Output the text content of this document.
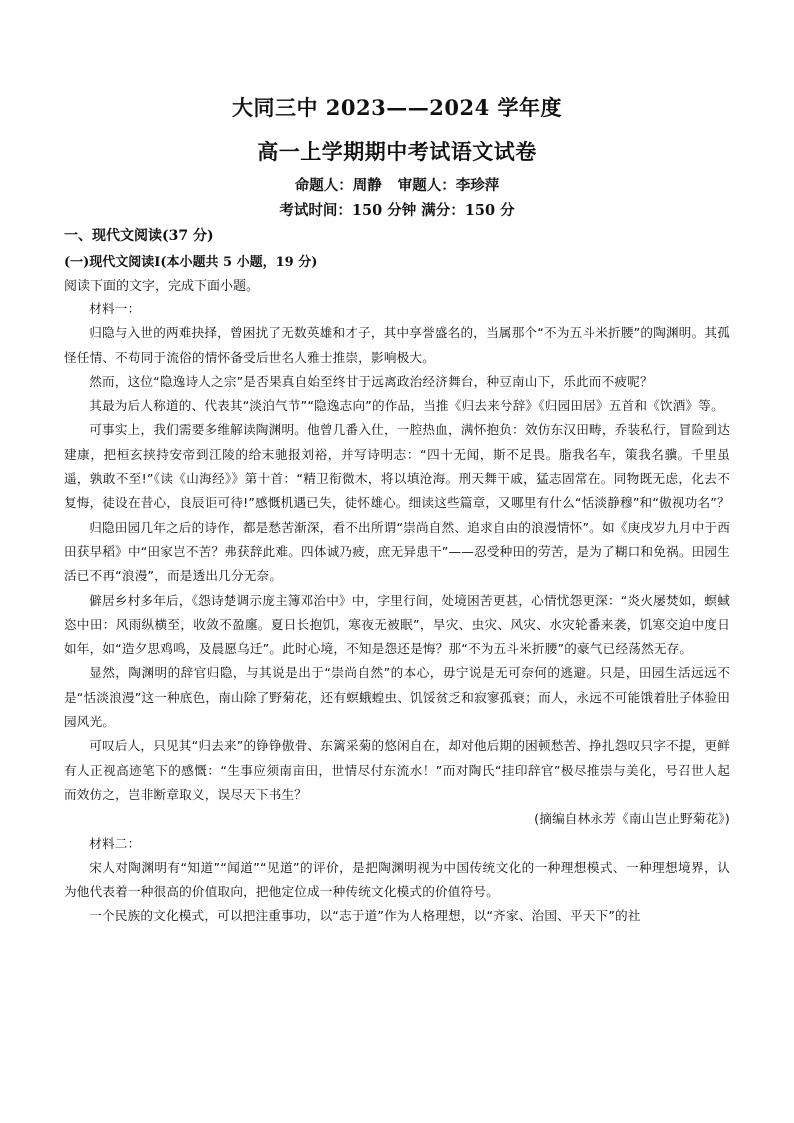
大同三中 2023——2024 学年度
高一上学期期中考试语文试卷
命题人：周静 审题人：李珍萍
考试时间：150 分钟 满分：150 分
一、现代文阅读(37 分)
(一)现代文阅读Ⅰ(本小题共 5 小题，19 分)
阅读下面的文字，完成下面小题。

材料一：

归隐与入世的两难抉择，曾困扰了无数英雄和才子，其中享誉盛名的，当属那个“不为五斗米折腰”的陶渊明。其孤怪任情、不苟同于流俗的情怀备受后世名人雅士推崇，影响极大。

然而，这位“隐逸诗人之宗”是否果真自始至终甘于远离政治经济舞台，种豆南山下，乐此而不疲呢？

其最为后人称道的、代表其“淡泊气节”“隐逸志向”的作品，当推《归去来兮辞》《归园田居》五首和《饮酒》等。

可事实上，我们需要多维解读陶渊明。他曾几番入仕，一腔热血，满怀抱负：效仿东汉田畴，乔装私行，冒险到达建康，把桓玄挟持安帝到江陵的给末驰报刘裕，并写诗明志：“四十无闻，斯不足畏。脂我名车，策我名骥。千里虽遥，孰敢不至!”《读《山海经》》第十首：“精卫衔微木，将以填沧海。刑天舞干戚，猛志固常在。同物既无虑，化去不复悔，徒设在昔心，良辰讵可待!”感慨机遇已失，徒怀雄心。细读这些篇章，又哪里有什么“恬淡静穆”和“傲视功名”？

归隐田园几年之后的诗作，都是愁苦渐深，看不出所谓“崇尚自然、追求自由的浪漫情怀”。如《庚戌岁九月中于西田获早稻》中“田家岂不苦？弗获辞此难。四体诚乃疲，庶无异患干”——忍受种田的劳苦，是为了糊口和免祸。田园生活已不再“浪漫”，而是透出几分无奈。

僻居乡村多年后，《怨诗楚调示庞主簿邓治中》中，字里行间，处境困苦更甚，心情忧怨更深：“炎火屡焚如，螟蜮恣中田：风雨纵横至，收敛不盈廛。夏日长抱饥，寒夜无被眠”，旱灾、虫灾、风灾、水灾轮番来袭，饥寒交迫中度日如年，如“造夕思鸡鸣，及晨愿乌迁”。此时心境，不知是怨还是悔？那“不为五斗米折腰”的豪气已经荡然无存。

显然，陶渊明的辞官归隐，与其说是出于“崇尚自然”的本心，毋宁说是无可奈何的逃避。只是，田园生活远远不是“恬淡浪漫”这一种底色，南山除了野菊花，还有螟蛾蝗虫、饥馁贫乏和寂寥孤衰；而人，永远不可能饿着肚子体验田园风光。

可叹后人，只见其“归去来”的铮铮傲骨、东篱采菊的悠闲自在，却对他后期的困顿愁苦、挣扎怨叹只字不提，更鲜有人正视高迹笔下的感慨：“生事应须南亩田，世情尽付东流水！”而对陶氏“挂印辞官”极尽推崇与美化，号召世人起而效仿之，岂非断章取义，误尽天下书生？

(摘编自林永芳《南山岂止野菊花》)

材料二：

宋人对陶渊明有“知道”“闻道”“见道”的评价，是把陶渊明视为中国传统文化的一种理想模式、一种理想境界，认为他代表着一种很高的价值取向，把他定位成一种传统文化模式的价值符号。

一个民族的文化模式，可以把注重事功，以“志于道”作为人格理想，以“齐家、治国、平天下”的社
